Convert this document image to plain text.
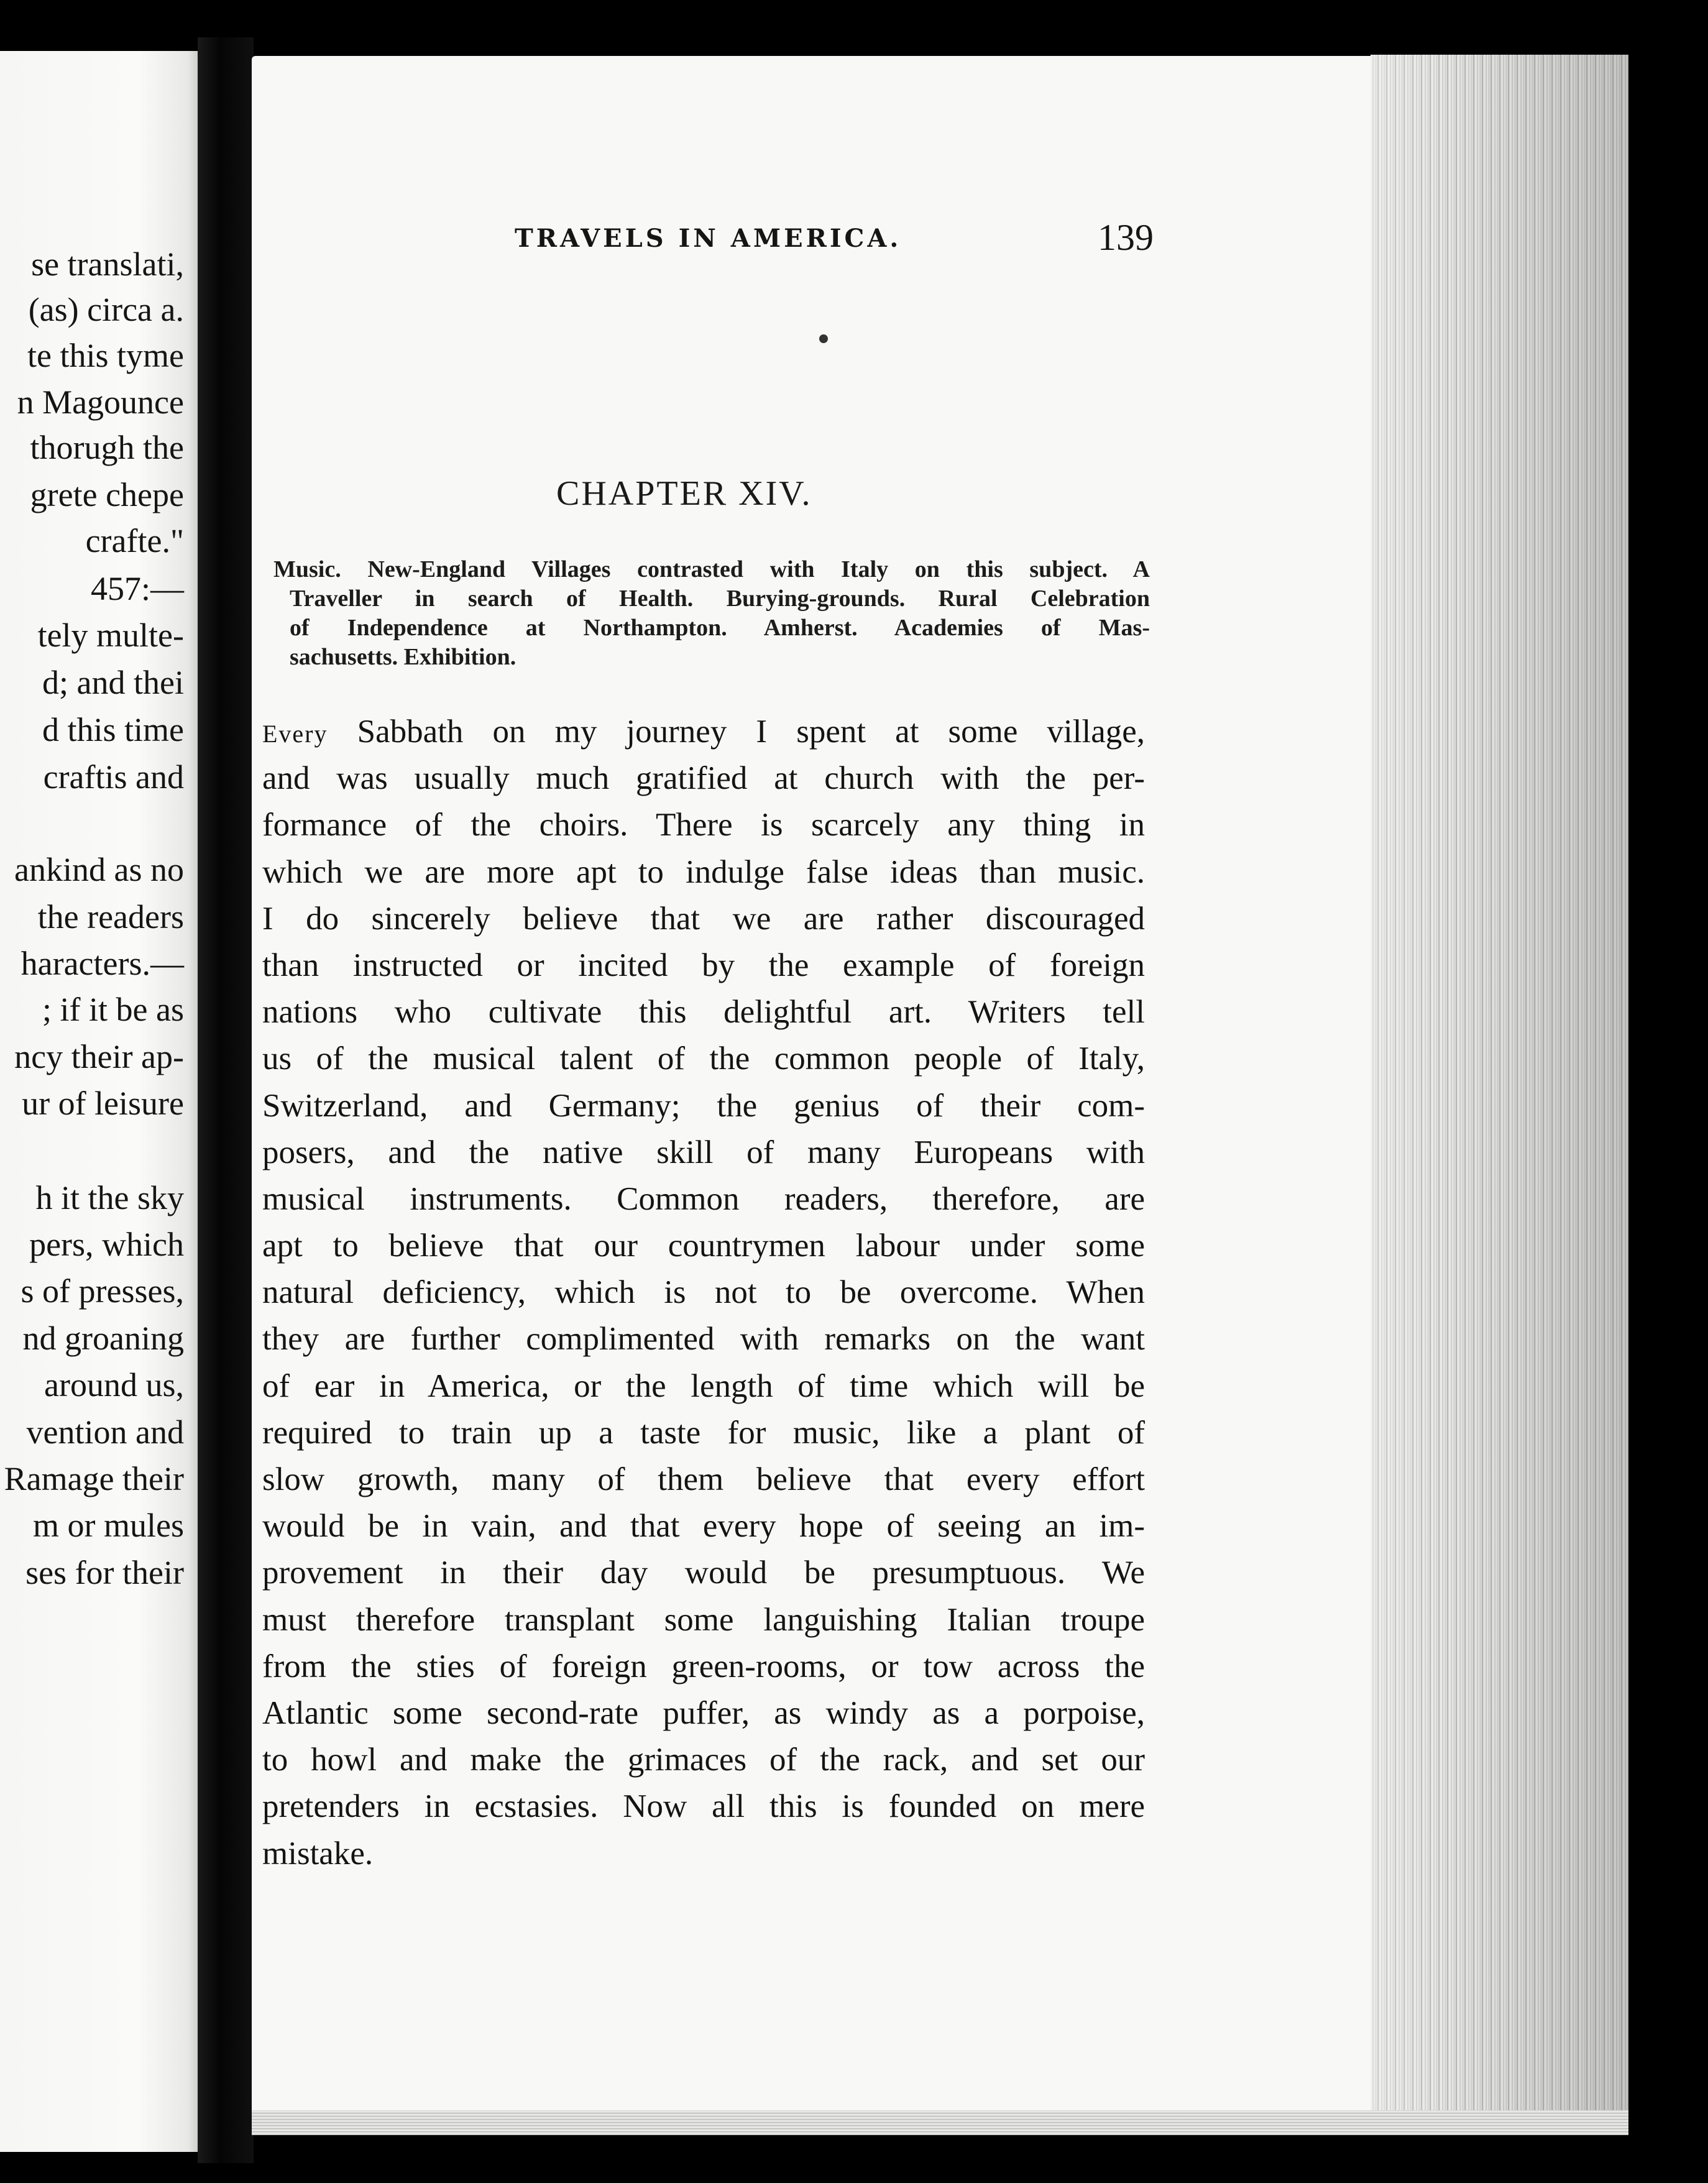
se translati,
(as) circa a.
te this tyme
n Magounce
thorugh the
grete chepe
crafte."
457:—
tely multe-
d; and thei
d this time
craftis and
ankind as no
the readers
haracters.—
; if it be as
ncy their ap-
ur of leisure
h it the sky
pers, which
s of presses,
nd groaning
around us,
vention and
Ramage their
m or mules
ses for their
TRAVELS IN AMERICA.	139
CHAPTER XIV.
Music. New-England Villages contrasted with Italy on this subject. A
Traveller in search of Health. Burying-grounds. Rural Celebration
of Independence at Northampton. Amherst. Academies of Mas-
sachusetts. Exhibition.
Every Sabbath on my journey I spent at some village,
and was usually much gratified at church with the per-
formance of the choirs. There is scarcely any thing in
which we are more apt to indulge false ideas than music.
I do sincerely believe that we are rather discouraged
than instructed or incited by the example of foreign
nations who cultivate this delightful art. Writers tell
us of the musical talent of the common people of Italy,
Switzerland, and Germany; the genius of their com-
posers, and the native skill of many Europeans with
musical instruments. Common readers, therefore, are
apt to believe that our countrymen labour under some
natural deficiency, which is not to be overcome. When
they are further complimented with remarks on the want
of ear in America, or the length of time which will be
required to train up a taste for music, like a plant of
slow growth, many of them believe that every effort
would be in vain, and that every hope of seeing an im-
provement in their day would be presumptuous. We
must therefore transplant some languishing Italian troupe
from the sties of foreign green-rooms, or tow across the
Atlantic some second-rate puffer, as windy as a porpoise,
to howl and make the grimaces of the rack, and set our
pretenders in ecstasies. Now all this is founded on mere
mistake.
